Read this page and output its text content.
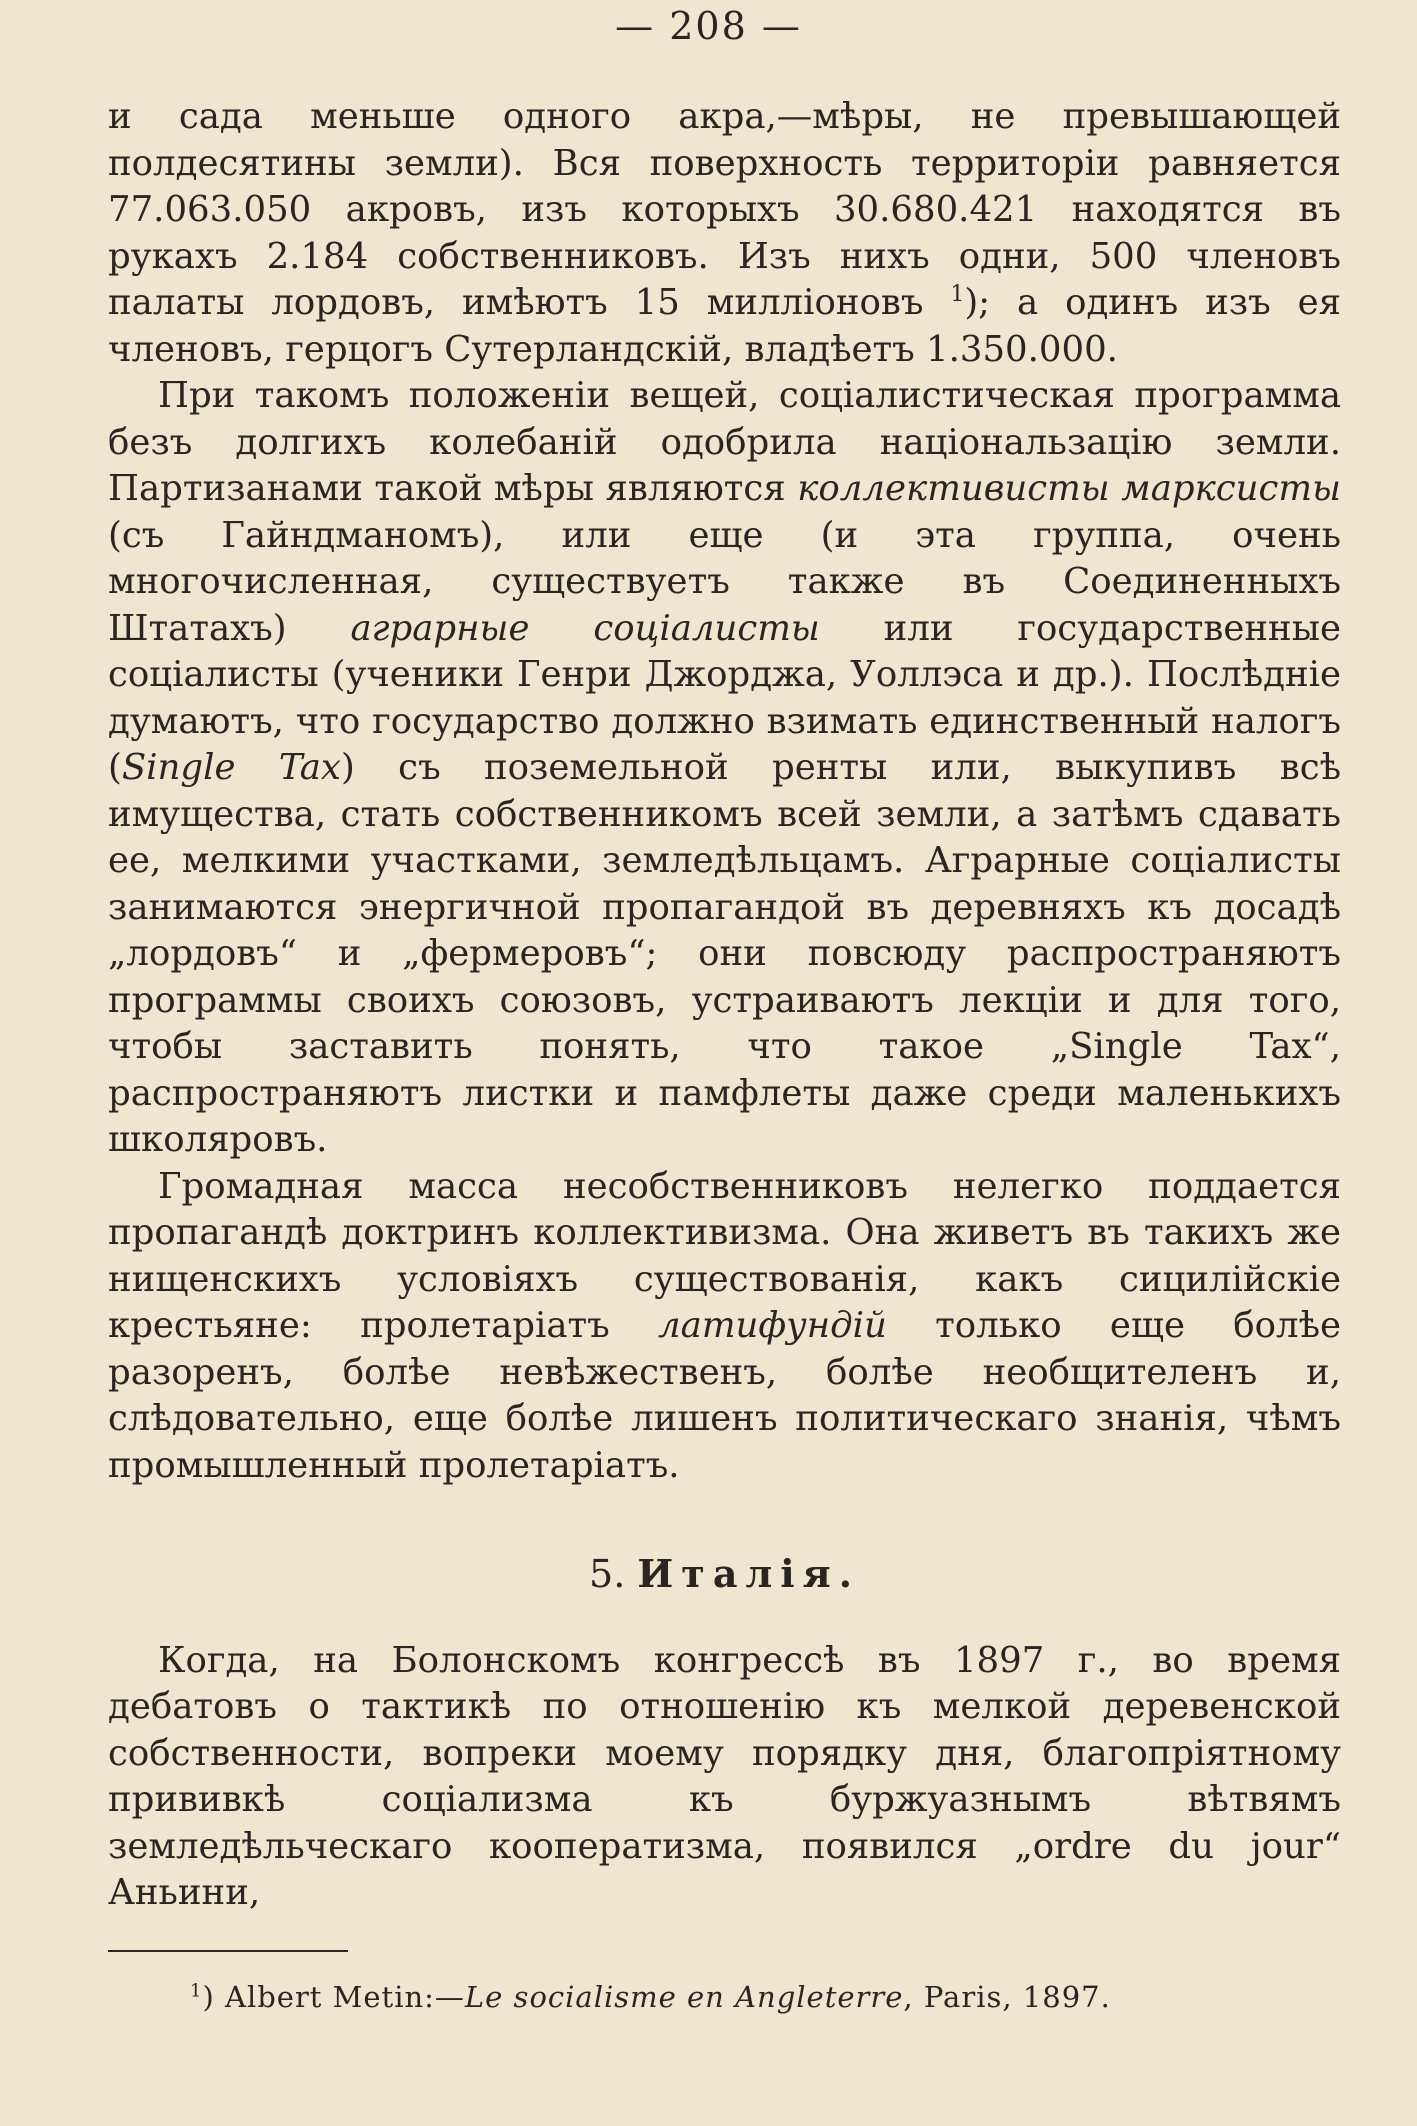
— 208 —

и сада меньше одного акра,—мѣры, не превышающей полдесятины земли). Вся поверхность территоріи равняется 77.063.050 акровъ, изъ которыхъ 30.680.421 находятся въ рукахъ 2.184 собственниковъ. Изъ нихъ одни, 500 членовъ палаты лордовъ, имѣютъ 15 милліоновъ $^1$); а одинъ изъ ея членовъ, герцогъ Сутерландскій, владѣетъ 1.350.000.

При такомъ положеніи вещей, соціалистическая программа безъ долгихъ колебаній одобрила національзацію земли. Партизанами такой мѣры являются коллективисты марксисты (съ Гайндманомъ), или еще (и эта группа, очень многочисленная, существуетъ также въ Соединенныхъ Штатахъ) аграрные соціалисты или государственные соціалисты (ученики Генри Джорджа, Уоллэса и др.). Послѣдніе думаютъ, что государство должно взимать единственный налогъ (Single Tax) съ поземельной ренты или, выкупивъ всѣ имущества, стать собственникомъ всей земли, а затѣмъ сдавать ее, мелкими участками, земледѣльцамъ. Аграрные соціалисты занимаются энергичной пропагандой въ деревняхъ къ досадѣ „лордовъ“ и „фермеровъ“; они повсюду распространяютъ программы своихъ союзовъ, устраиваютъ лекціи и для того, чтобы заставить понять, что такое „Single Tax“, распространяютъ листки и памфлеты даже среди маленькихъ школяровъ.

Громадная масса несобственниковъ нелегко поддается пропагандѣ доктринъ коллективизма. Она живетъ въ такихъ же нищенскихъ условіяхъ существованія, какъ сицилійскіе крестьяне: пролетаріатъ латифундій только еще болѣе разоренъ, болѣе невѣжественъ, болѣе необщителенъ и, слѣдовательно, еще болѣе лишенъ политическаго знанія, чѣмъ промышленный пролетаріатъ.

5. Италія.

Когда, на Болонскомъ конгрессѣ въ 1897 г., во время дебатовъ о тактикѣ по отношенію къ мелкой деревенской собственности, вопреки моему порядку дня, благопріятному прививкѣ соціализма къ буржуазнымъ вѣтвямъ земледѣльческаго кооператизма, появился „ordre du jour“ Аньини,

$^1$) Albert Metin:—Le socialisme en Angleterre, Paris, 1897.
